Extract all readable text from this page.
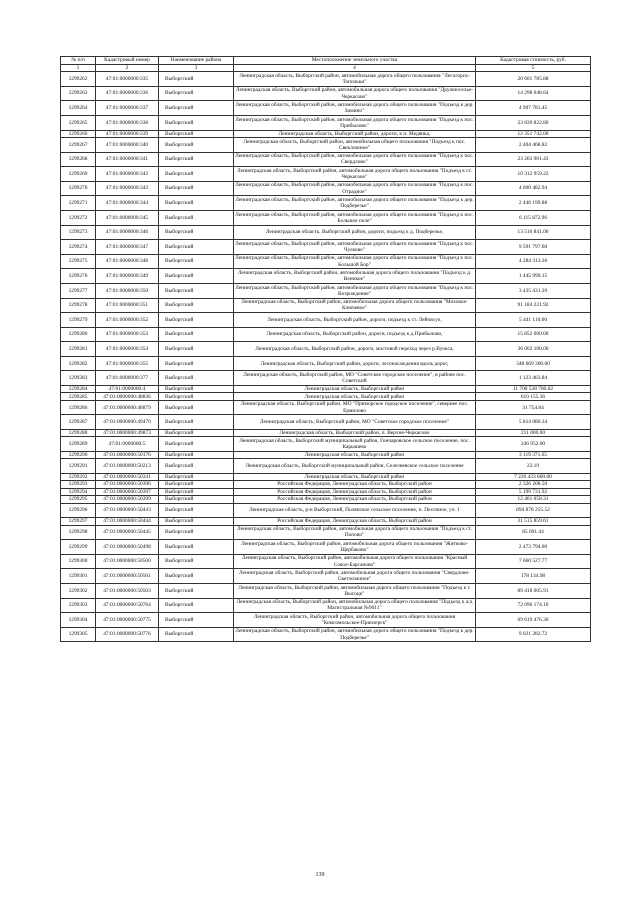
№ п/п	Кадастровый номер	Наименование района	Местоположение земельного участка	Кадастровая стоимость, руб.
1	2	3	4	5
1299262	47:01:0000000:335	Выборгский	Ленинградская область, Выборгский район, автомобильная дорога общего пользования "Лесогорск-Топольки"	20 601 785.88
1299263	47:01:0000000:336	Выборгский	Ленинградская область, Выборгский район, автомобильная дорога общего пользования "Дружноселье-Черкасово"	14 298 048.64
1299264	47:01:0000000:337	Выборгский	Ленинградская область, Выборгский район, автомобильная дорога общего пользования "Подъезд к дер. Зимино"	4 907 781.45
1299265	47:01:0000000:338	Выборгский	Ленинградская область, Выборгский район, автомобильная дорога общего пользования "Подъезд к пос. Прибылово"	23 839 822.80
1299266	47:01:0000000:339	Выборгский	Ленинградская область, Выборгский район, дороги, к п. Медянка,	12 351 742.00
1299267	47:01:0000000:340	Выборгский	Ленинградская область, Выборгский район, автомобильная общего пользования "Подъезд к пос. Свеклошное"	2 404 468.82
1299268	47:01:0000000:341	Выборгский	Ленинградская область, Выборгский район, автомобильная дорога общего пользования "Подъезд к пос. Свердлово"	23 263 901.43
1299269	47:01:0000000:342	Выборгский	Ленинградская область, Выборгский район, автомобильная дорога общего пользования "Подъезд к ст. Черкасово"	10 312 959.22
1299270	47:01:0000000:343	Выборгский	Ленинградская область, Выборгский район, автомобильная дорога общего пользования "Подъезд к пос. Отрадное"	4 000 482.94
1299271	47:01:0000000:344	Выборгский	Ленинградская область, Выборгский район, автомобильная дорога общего пользования "Подъезд к дер. Подберезье"	2 446 199.88
1299272	47:01:0000000:345	Выборгский	Ленинградская область, Выборгский район, автомобильная дорога общего пользования "Подъезд к пос. Большое поле"	6 115 872.96
1299273	47:01:0000000:346	Выборгский	Ленинградская область, Выборгский район, дороги, подъезд к д. Подберезье,	13 510 841.00
1299274	47:01:0000000:347	Выборгский	Ленинградская область, Выборгский район, автомобильная дорога общего пользования "Подъезд к пос. Чулково"	9 591 797.60
1299275	47:01:0000000:348	Выборгский	Ленинградская область, Выборгский район, автомобильная дорога общего пользования "Подъезд к пос. Большой Бор"	4 284 313.36
1299276	47:01:0000000:349	Выборгский	Ленинградская область, Выборгский район, автомобильная дорога общего пользования "Подъезд к д. Веникое"	1 445 999.15
1299277	47:01:0000000:350	Выборгский	Ленинградская область, Выборгский район, автомобильная дорога общего пользования "Подъезд к пос. Возрождение"	3 435 431.20
1299278	47:01:0000000:351	Выборгский	Ленинградская область, Выборгский район, автомобильная дорога общего пользования "Моховое-Ключевое"	91 184 221.92
1299279	47:01:0000000:352	Выборгский	Ленинградская область, Выборгский район, дороги, подъезд к ст. Лейпясуо,	5 441 110.00
1299280	47:01:0000000:353	Выборгский	Ленинградская область, Выборгский район, дороги, подъезд к д.Прибылово,	15 852 000.00
1299281	47:01:0000000:354	Выборгский	Ленинградская область, Выборгский район, дороги, мостовой переход через р.Вуокса,	36 062 100.00
1299282	47:01:0000000:355	Выборгский	Ленинградская область, Выборгский район, дороги, лесонасаждения вдоль дорог,	348 669 300.00
1299283	47:01:0000000:377	Выборгский	Ленинградская область, Выборгский район, МО "Советское городское поселение", в районе пос. Советский	1 123 463.84
1299284	47:01:0000000:4	Выборгский	Ленинградская область, Выборгский район	11 700 538 780.02
1299285	47:01:0000000:48836	Выборгский	Ленинградская область, Выборгский район	610 155.36
1299286	47:01:0000000:48879	Выборгский	Ленинградская область, Выборгский район, МО "Приморское городское поселение", севернее пос. Ермилово	31 754.84
1299287	47:01:0000000:49470	Выборгский	Ленинградская область, Выборгский район, МО "Советское городское поселение"	5 814 080.34
1299288	47:01:0000000:49873	Выборгский	Ленинградская область, Выборгский район, п. Верхне-Черкасово	211 000.00
1299289	47:01:0000000:5	Выборгский	Ленинградская область, Выборгский муниципальный район, Гончаровское сельское поселение, пос. Карышево	246 952.00
1299290	47:01:0000000:50176	Выборгский	Ленинградская область, Выборгский район	3 119 371.65
1299291	47:01:0000000:50213	Выборгский	Ленинградская область, Выборгский муниципальный район, Селезневское сельское поселение	22.19
1299292	47:01:0000000:50341	Выборгский	Ленинградская область, Выборгский район	7 220 433 800.00
1299293	47:01:0000000:50396	Выборгский	Российская Федерация, Ленинградская область, Выборгский район	2 326 208.50
1299294	47:01:0000000:50397	Выборгский	Российская Федерация, Ленинградская область, Выборгский район	5 199 731.92
1299295	47:01:0000000:50399	Выборгский	Российская Федерация, Ленинградская область, Выборгский район	12 461 058.31
1299296	47:01:0000000:50443	Выборгский	Ленинградская область, р-н Выборгский, Полянское сельское поселение, п. Песочное, уч. 1	894 878 255.52
1299297	47:01:0000000:50444	Выборгский	Российская Федерация, Ленинградская область, Выборгский район	31 515 859.61
1299298	47:01:0000000:50445	Выборгский	Ленинградская область, Выборгский район, автомобильная дорога общего пользования "Подъезд к ст. Попово"	85 691.44
1299299	47:01:0000000:50498	Выборгский	Ленинградская область, Выборгский район, автомобильная дорога общего пользования "Житково-Щербаково"	2 473 794.00
1299300	47:01:0000000:50500	Выборгский	Ленинградская область, Выборгский район, автомобильная дорога общего пользования "Красный Сокол-Барсаново"	7 660 527.77
1299301	47:01:0000000:50501	Выборгский	Ленинградская область, Выборгский район, автомобильная дорога общего пользования "Свердлово-Светлозачное"	178 134.98
1299302	47:01:0000000:50503	Выборгский	Ленинградская область, Выборгский район, автомобильная дорога общего пользования "Подъезд к г. Высоцк"	89 418 005.91
1299303	47:01:0000000:50764	Выборгский	Ленинградская область, Выборгский район, автомобильная дорога общего пользования "Подъезд к а/д Магистральная №9011"	72 096 174.10
1299304	47:01:0000000:50775	Выборгский	Ленинградская область, Выборгский район, автомобильная дорога общего пользования "Комсомольское-Приозерск"	69 619 476.36
1299305	47:01:0000000:50776	Выборгский	Ленинградская область, Выборгский район, автомобильная дорога общего пользования "Подъезд к дер. Подберезье"	9 021 282.72
139
